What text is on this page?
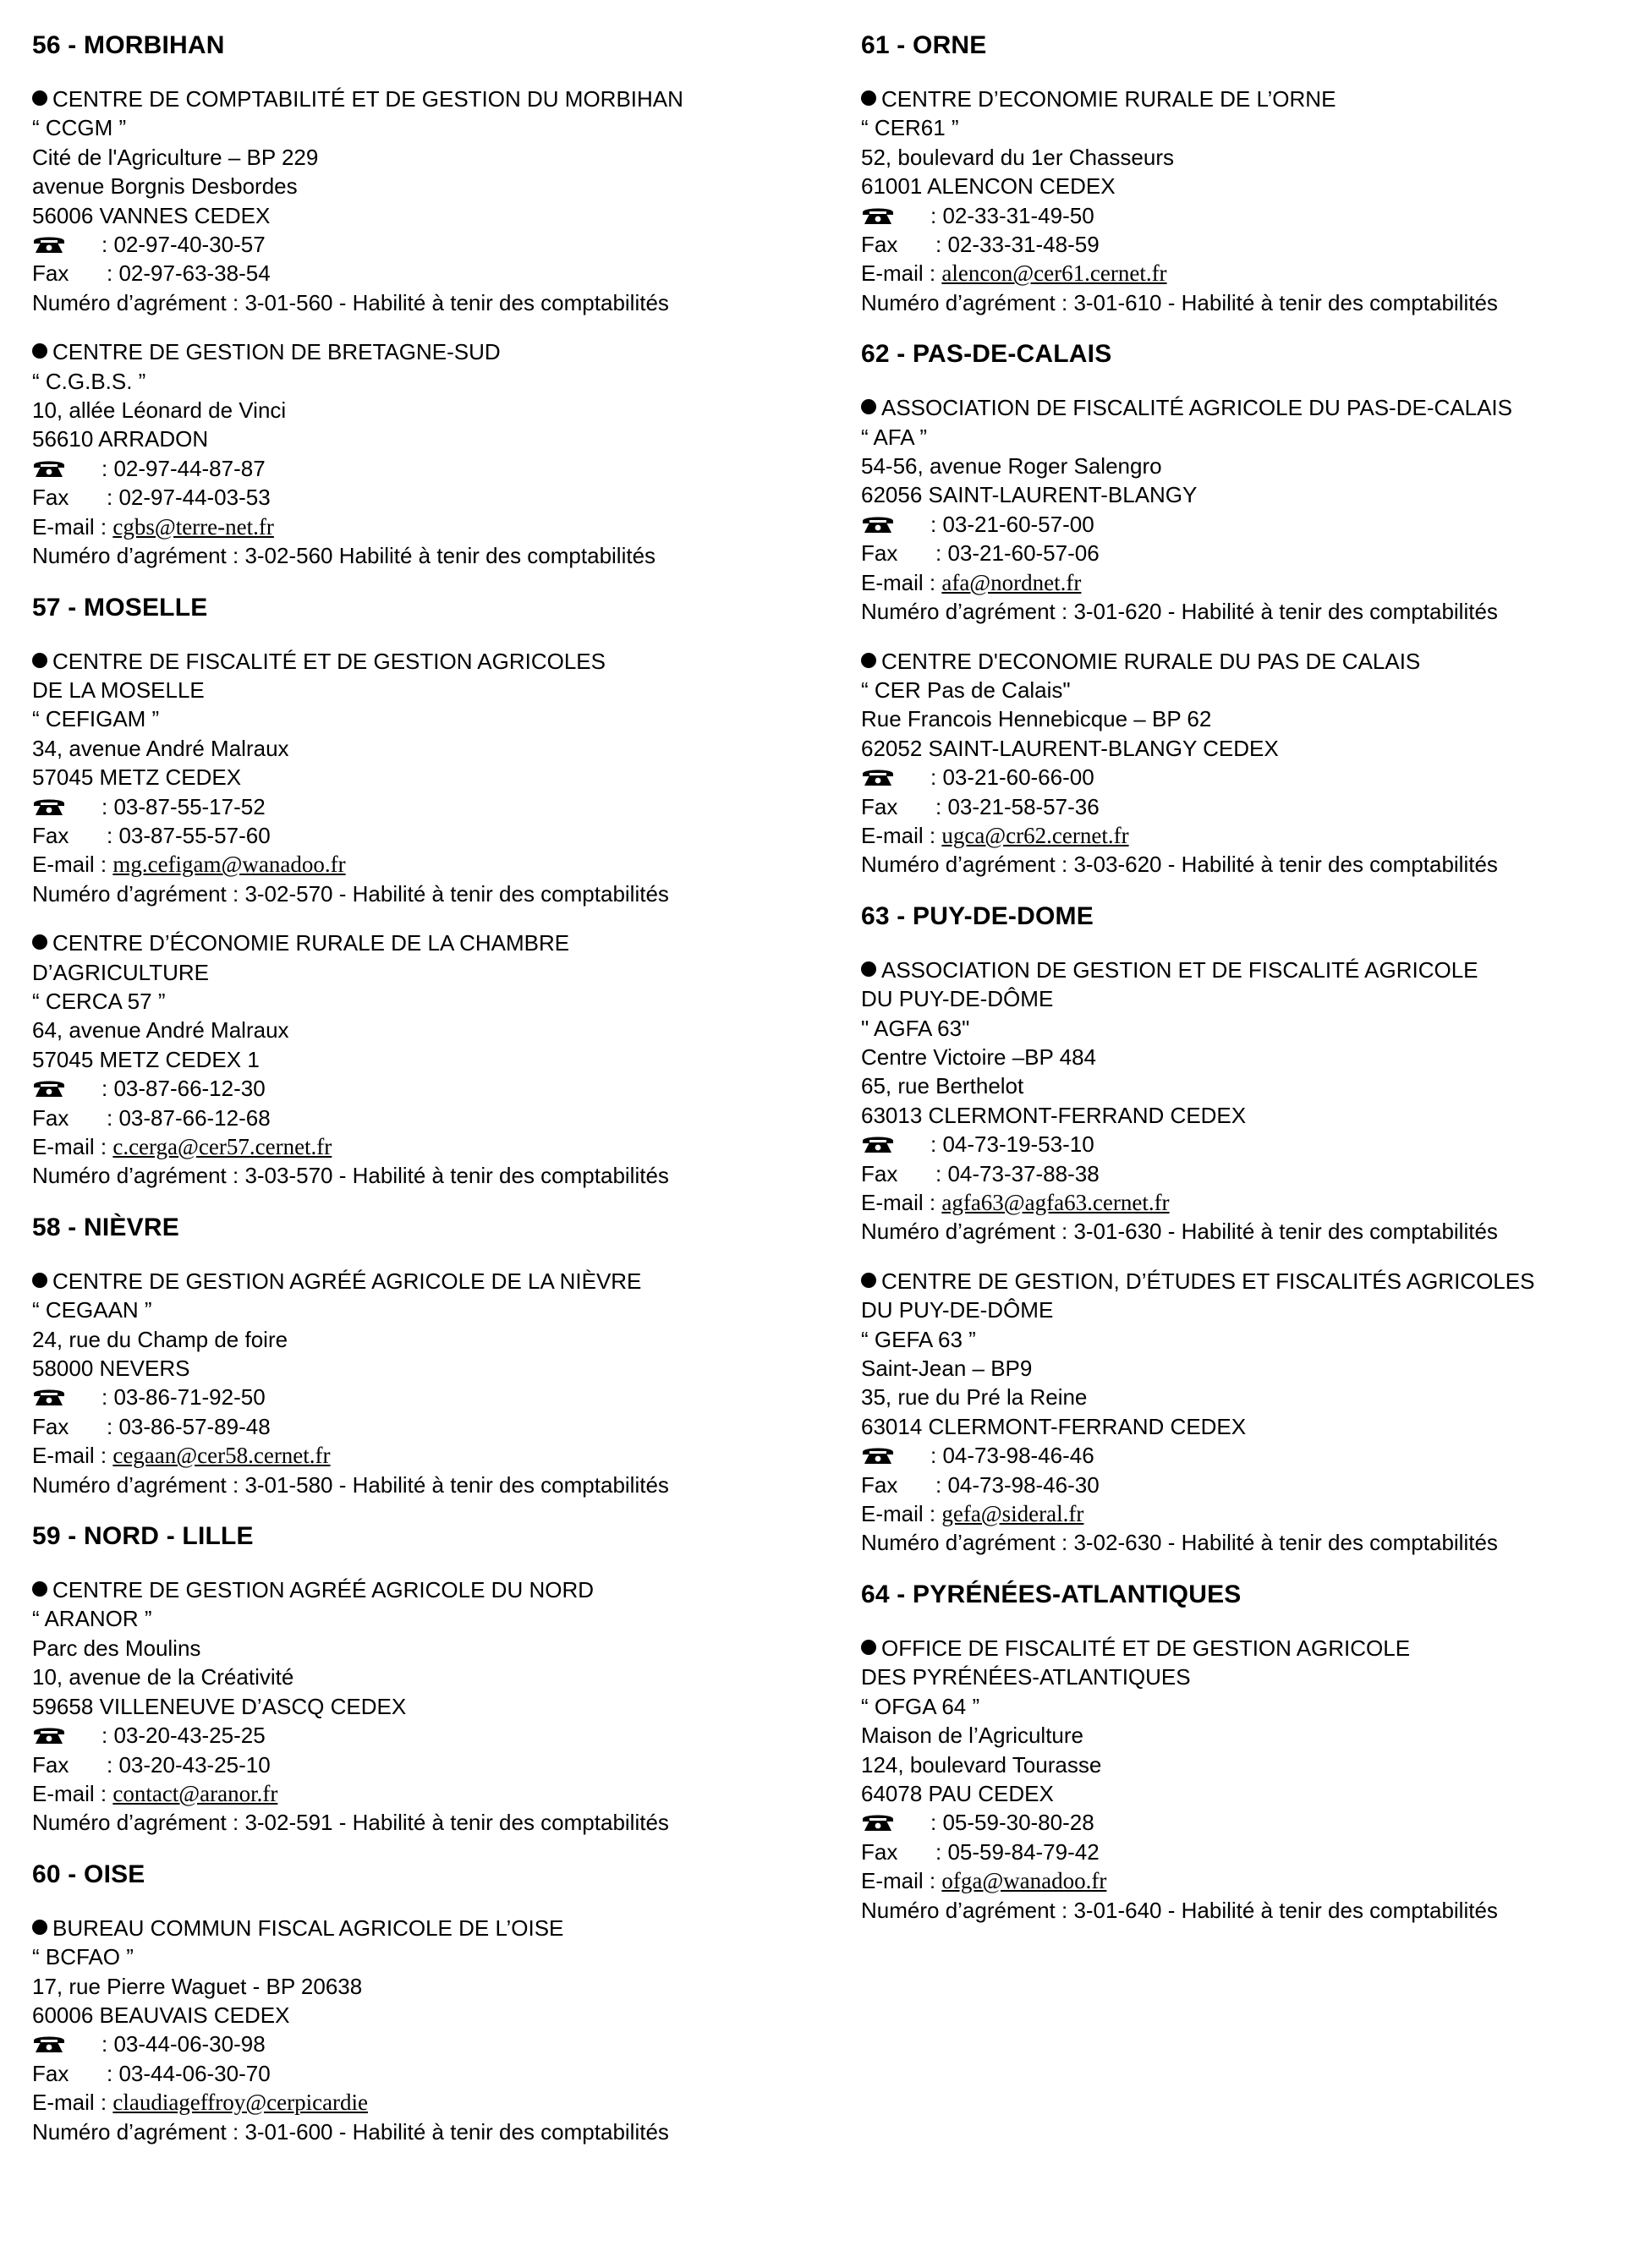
56 - MORBIHAN
CENTRE DE COMPTABILITÉ ET DE GESTION DU MORBIHAN
“ CCGM ”
Cité de l'Agriculture – BP 229
avenue Borgnis Desbordes
56006 VANNES CEDEX
: 02-97-40-30-57
Fax : 02-97-63-38-54
Numéro d’agrément : 3-01-560 - Habilité à tenir des comptabilités
CENTRE DE GESTION DE BRETAGNE-SUD
“ C.G.B.S. ”
10, allée Léonard de Vinci
56610 ARRADON
: 02-97-44-87-87
Fax : 02-97-44-03-53
E-mail : cgbs@terre-net.fr
Numéro d’agrément : 3-02-560 Habilité à tenir des comptabilités
57 - MOSELLE
CENTRE DE FISCALITÉ ET DE GESTION AGRICOLES
DE LA MOSELLE
“ CEFIGAM ”
34, avenue André Malraux
57045 METZ CEDEX
: 03-87-55-17-52
Fax : 03-87-55-57-60
E-mail : mg.cefigam@wanadoo.fr
Numéro d’agrément : 3-02-570 - Habilité à tenir des comptabilités
CENTRE D’ÉCONOMIE RURALE DE LA CHAMBRE
D’AGRICULTURE
“ CERCA 57 ”
64, avenue André Malraux
57045 METZ CEDEX 1
: 03-87-66-12-30
Fax : 03-87-66-12-68
E-mail : c.cerga@cer57.cernet.fr
Numéro d’agrément : 3-03-570 - Habilité à tenir des comptabilités
58 - NIÈVRE
CENTRE DE GESTION AGRÉÉ AGRICOLE DE LA NIÈVRE
“ CEGAAN ”
24, rue du Champ de foire
58000 NEVERS
: 03-86-71-92-50
Fax : 03-86-57-89-48
E-mail : cegaan@cer58.cernet.fr
Numéro d’agrément : 3-01-580 - Habilité à tenir des comptabilités
59 - NORD - LILLE
CENTRE DE GESTION AGRÉÉ AGRICOLE DU NORD
“ ARANOR ”
Parc des Moulins
10, avenue de la Créativité
59658 VILLENEUVE D’ASCQ CEDEX
: 03-20-43-25-25
Fax : 03-20-43-25-10
E-mail : contact@aranor.fr
Numéro d’agrément : 3-02-591 - Habilité à tenir des comptabilités
60 - OISE
BUREAU COMMUN FISCAL AGRICOLE DE L’OISE
“ BCFAO ”
17, rue Pierre Waguet - BP 20638
60006 BEAUVAIS CEDEX
: 03-44-06-30-98
Fax : 03-44-06-30-70
E-mail : claudiageffroy@cerpicardie
Numéro d’agrément : 3-01-600 - Habilité à tenir des comptabilités
61 - ORNE
CENTRE D’ECONOMIE RURALE DE L’ORNE
“ CER61 ”
52, boulevard du 1er Chasseurs
61001 ALENCON CEDEX
: 02-33-31-49-50
Fax : 02-33-31-48-59
E-mail : alencon@cer61.cernet.fr
Numéro d’agrément : 3-01-610 - Habilité à tenir des comptabilités
62 - PAS-DE-CALAIS
ASSOCIATION DE FISCALITÉ AGRICOLE DU PAS-DE-CALAIS
“ AFA ”
54-56, avenue Roger Salengro
62056 SAINT-LAURENT-BLANGY
: 03-21-60-57-00
Fax : 03-21-60-57-06
E-mail : afa@nordnet.fr
Numéro d’agrément : 3-01-620 - Habilité à tenir des comptabilités
CENTRE D'ECONOMIE RURALE DU PAS DE CALAIS
“ CER Pas de Calais"
Rue Francois Hennebicque – BP 62
62052 SAINT-LAURENT-BLANGY CEDEX
: 03-21-60-66-00
Fax : 03-21-58-57-36
E-mail : ugca@cr62.cernet.fr
Numéro d’agrément : 3-03-620 - Habilité à tenir des comptabilités
63 - PUY-DE-DOME
ASSOCIATION DE GESTION ET DE FISCALITÉ AGRICOLE
DU PUY-DE-DÔME
" AGFA 63"
Centre Victoire –BP 484
65, rue Berthelot
63013 CLERMONT-FERRAND CEDEX
: 04-73-19-53-10
Fax : 04-73-37-88-38
E-mail : agfa63@agfa63.cernet.fr
Numéro d’agrément : 3-01-630 - Habilité à tenir des comptabilités
CENTRE DE GESTION, D’ÉTUDES ET FISCALITÉS AGRICOLES
DU PUY-DE-DÔME
“ GEFA 63 ”
Saint-Jean – BP9
35, rue du Pré la Reine
63014 CLERMONT-FERRAND CEDEX
: 04-73-98-46-46
Fax : 04-73-98-46-30
E-mail : gefa@sideral.fr
Numéro d’agrément : 3-02-630 - Habilité à tenir des comptabilités
64 - PYRÉNÉES-ATLANTIQUES
OFFICE DE FISCALITÉ ET DE GESTION AGRICOLE
DES PYRÉNÉES-ATLANTIQUES
“ OFGA 64 ”
Maison de l’Agriculture
124, boulevard Tourasse
64078 PAU CEDEX
: 05-59-30-80-28
Fax : 05-59-84-79-42
E-mail : ofga@wanadoo.fr
Numéro d’agrément : 3-01-640 - Habilité à tenir des comptabilités
